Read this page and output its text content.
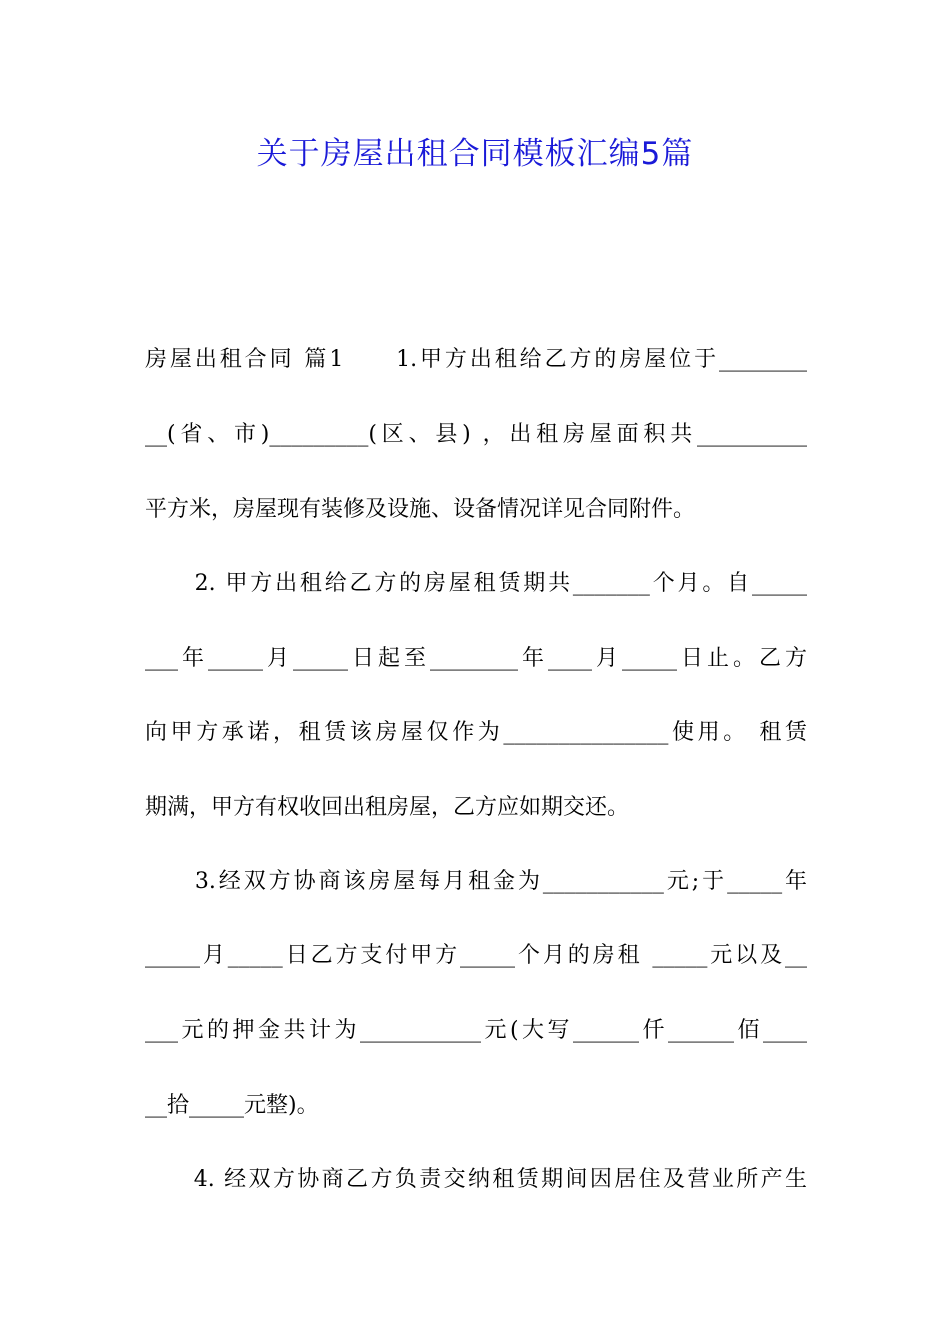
关于房屋出租合同模板汇编5篇
房屋出租合同 篇1　　1.甲方出租给乙方的房屋位于________
__(省、市)_________(区、县) ，出租房屋面积共__________
平方米，房屋现有装修及设施、设备情况详见合同附件。
　　2. 甲方出租给乙方的房屋租赁期共_______个月。自_____
___年_____月_____日起至________年____月_____日止。乙方
向甲方承诺，租赁该房屋仅作为_______________使用。 租赁
期满，甲方有权收回出租房屋，乙方应如期交还。
　　3.经双方协商该房屋每月租金为___________元;于_____年
_____月_____日乙方支付甲方_____个月的房租 _____元以及__
___元的押金共计为___________元(大写______仟______佰____
__拾_____元整)。
　　4. 经双方协商乙方负责交纳租赁期间因居住及营业所产生
